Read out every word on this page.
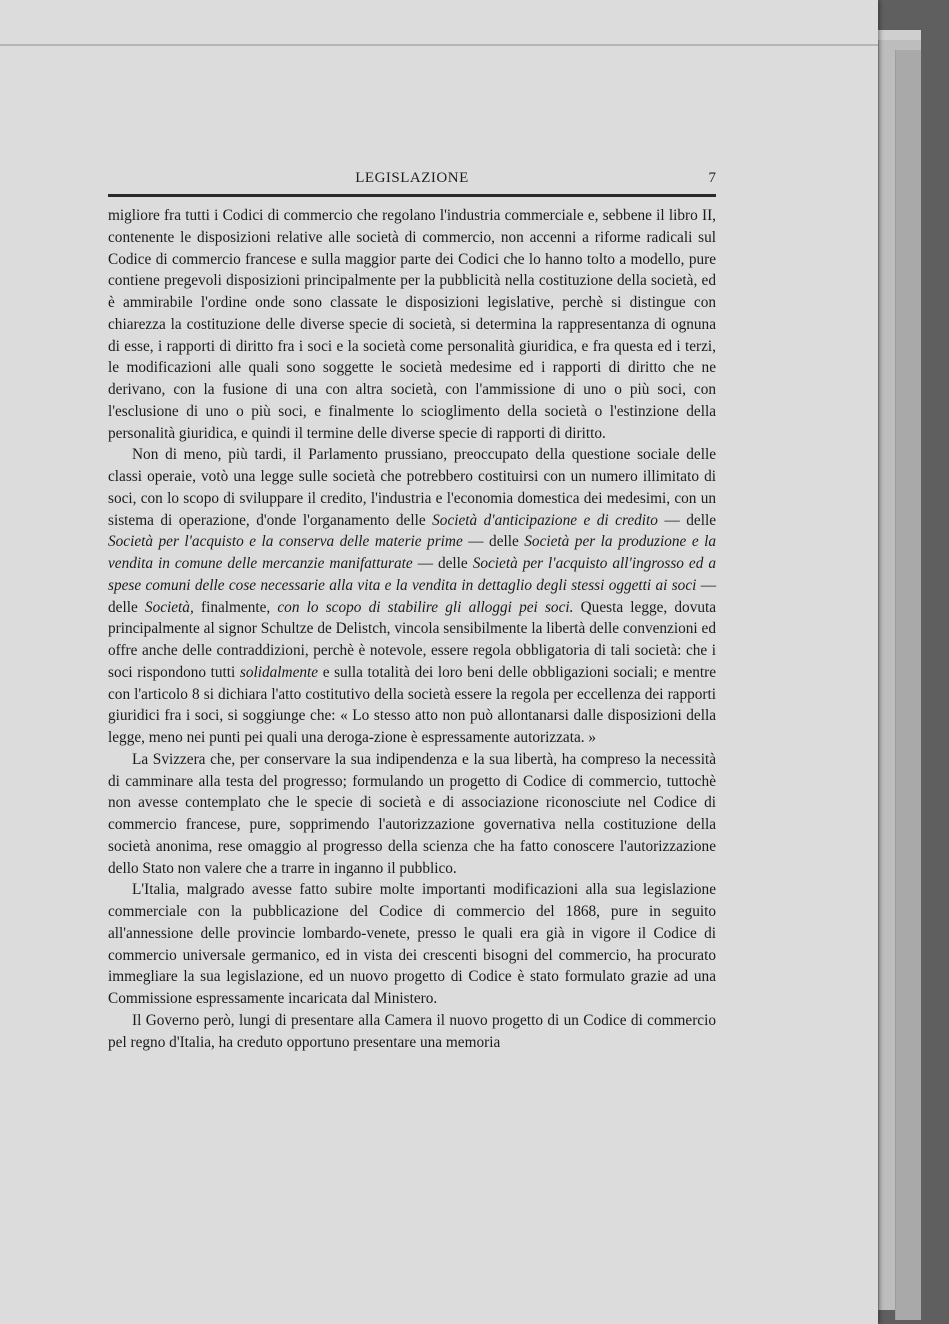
LEGISLAZIONE	7

migliore fra tutti i Codici di commercio che regolano l'industria commerciale e, sebbene il libro II, contenente le disposizioni relative alle società di commercio, non accenni a riforme radicali sul Codice di commercio francese e sulla maggior parte dei Codici che lo hanno tolto a modello, pure contiene pregevoli disposizioni principalmente per la pubblicità nella costituzione della società, ed è ammirabile l'ordine onde sono classate le disposizioni legislative, perchè si distingue con chiarezza la costituzione delle diverse specie di società, si determina la rappresentanza di ognuna di esse, i rapporti di diritto fra i soci e la società come personalità giuridica, e fra questa ed i terzi, le modificazioni alle quali sono soggette le società medesime ed i rapporti di diritto che ne derivano, con la fusione di una con altra società, con l'ammissione di uno o più soci, con l'esclusione di uno o più soci, e finalmente lo scioglimento della società o l'estinzione della personalità giuridica, e quindi il termine delle diverse specie di rapporti di diritto.

Non di meno, più tardi, il Parlamento prussiano, preoccupato della questione sociale delle classi operaie, votò una legge sulle società che potrebbero costituirsi con un numero illimitato di soci, con lo scopo di sviluppare il credito, l'industria e l'economia domestica dei medesimi, con un sistema di operazione, d'onde l'organamento delle Società d'anticipazione e di credito — delle Società per l'acquisto e la conserva delle materie prime — delle Società per la produzione e la vendita in comune delle mercanzie manifatturate — delle Società per l'acquisto all'ingrosso ed a spese comuni delle cose necessarie alla vita e la vendita in dettaglio degli stessi oggetti ai soci — delle Società, finalmente, con lo scopo di stabilire gli alloggi pei soci. Questa legge, dovuta principalmente al signor Schultze de Delistch, vincola sensibilmente la libertà delle convenzioni ed offre anche delle contraddizioni, perchè è notevole, essere regola obbligatoria di tali società: che i soci rispondono tutti solidalmente e sulla totalità dei loro beni delle obbligazioni sociali; e mentre con l'articolo 8 si dichiara l'atto costitutivo della società essere la regola per eccellenza dei rapporti giuridici fra i soci, si soggiunge che: « Lo stesso atto non può allontanarsi dalle disposizioni della legge, meno nei punti pei quali una deroga-zione è espressamente autorizzata. »

La Svizzera che, per conservare la sua indipendenza e la sua libertà, ha compreso la necessità di camminare alla testa del progresso; formulando un progetto di Codice di commercio, tuttochè non avesse contemplato che le specie di società e di associazione riconosciute nel Codice di commercio francese, pure, sopprimendo l'autorizzazione governativa nella costituzione della società anonima, rese omaggio al progresso della scienza che ha fatto conoscere l'autorizzazione dello Stato non valere che a trarre in inganno il pubblico.

L'Italia, malgrado avesse fatto subire molte importanti modificazioni alla sua legislazione commerciale con la pubblicazione del Codice di commercio del 1868, pure in seguito all'annessione delle provincie lombardo-venete, presso le quali era già in vigore il Codice di commercio universale germanico, ed in vista dei crescenti bisogni del commercio, ha procurato immegliare la sua legislazione, ed un nuovo progetto di Codice è stato formulato grazie ad una Commissione espressamente incaricata dal Ministero.

Il Governo però, lungi di presentare alla Camera il nuovo progetto di un Codice di commercio pel regno d'Italia, ha creduto opportuno presentare una memoria
